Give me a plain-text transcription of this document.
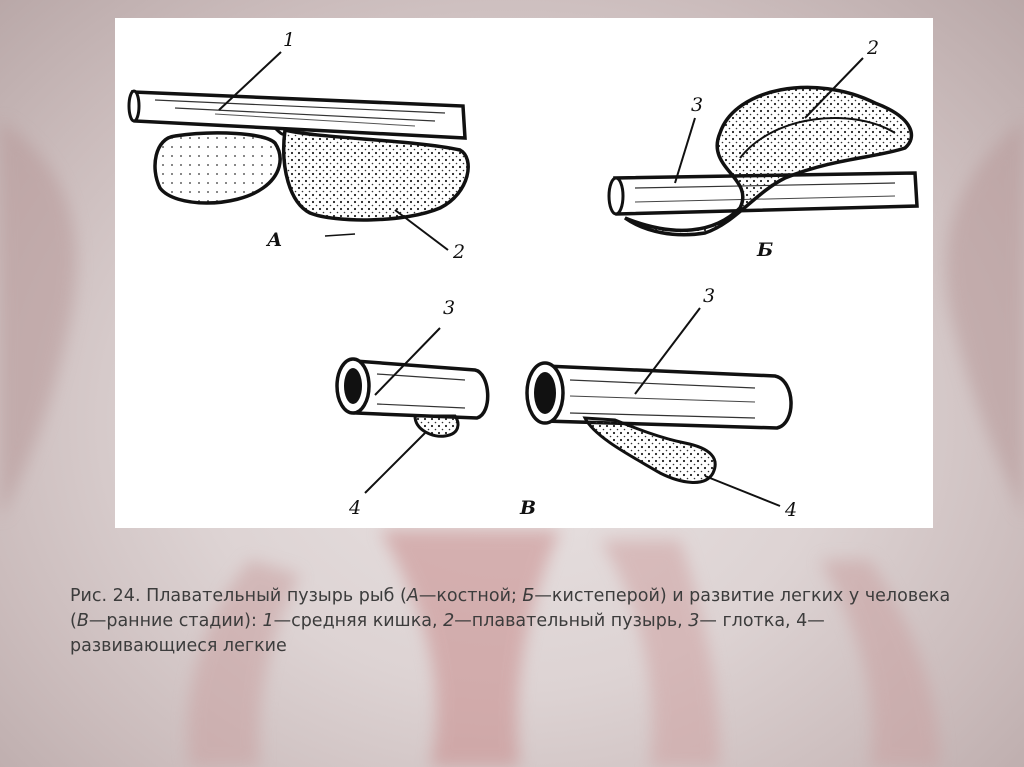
1
2
А
3
2
Б
3
4
3
4
В

Рис. 24. Плавательный пузырь рыб (А—костной; Б—кистеперой) и развитие легких у человека (В—ранние стадии): 1—средняя кишка, 2—плавательный пузырь, 3— глотка, 4—развивающиеся легкие
